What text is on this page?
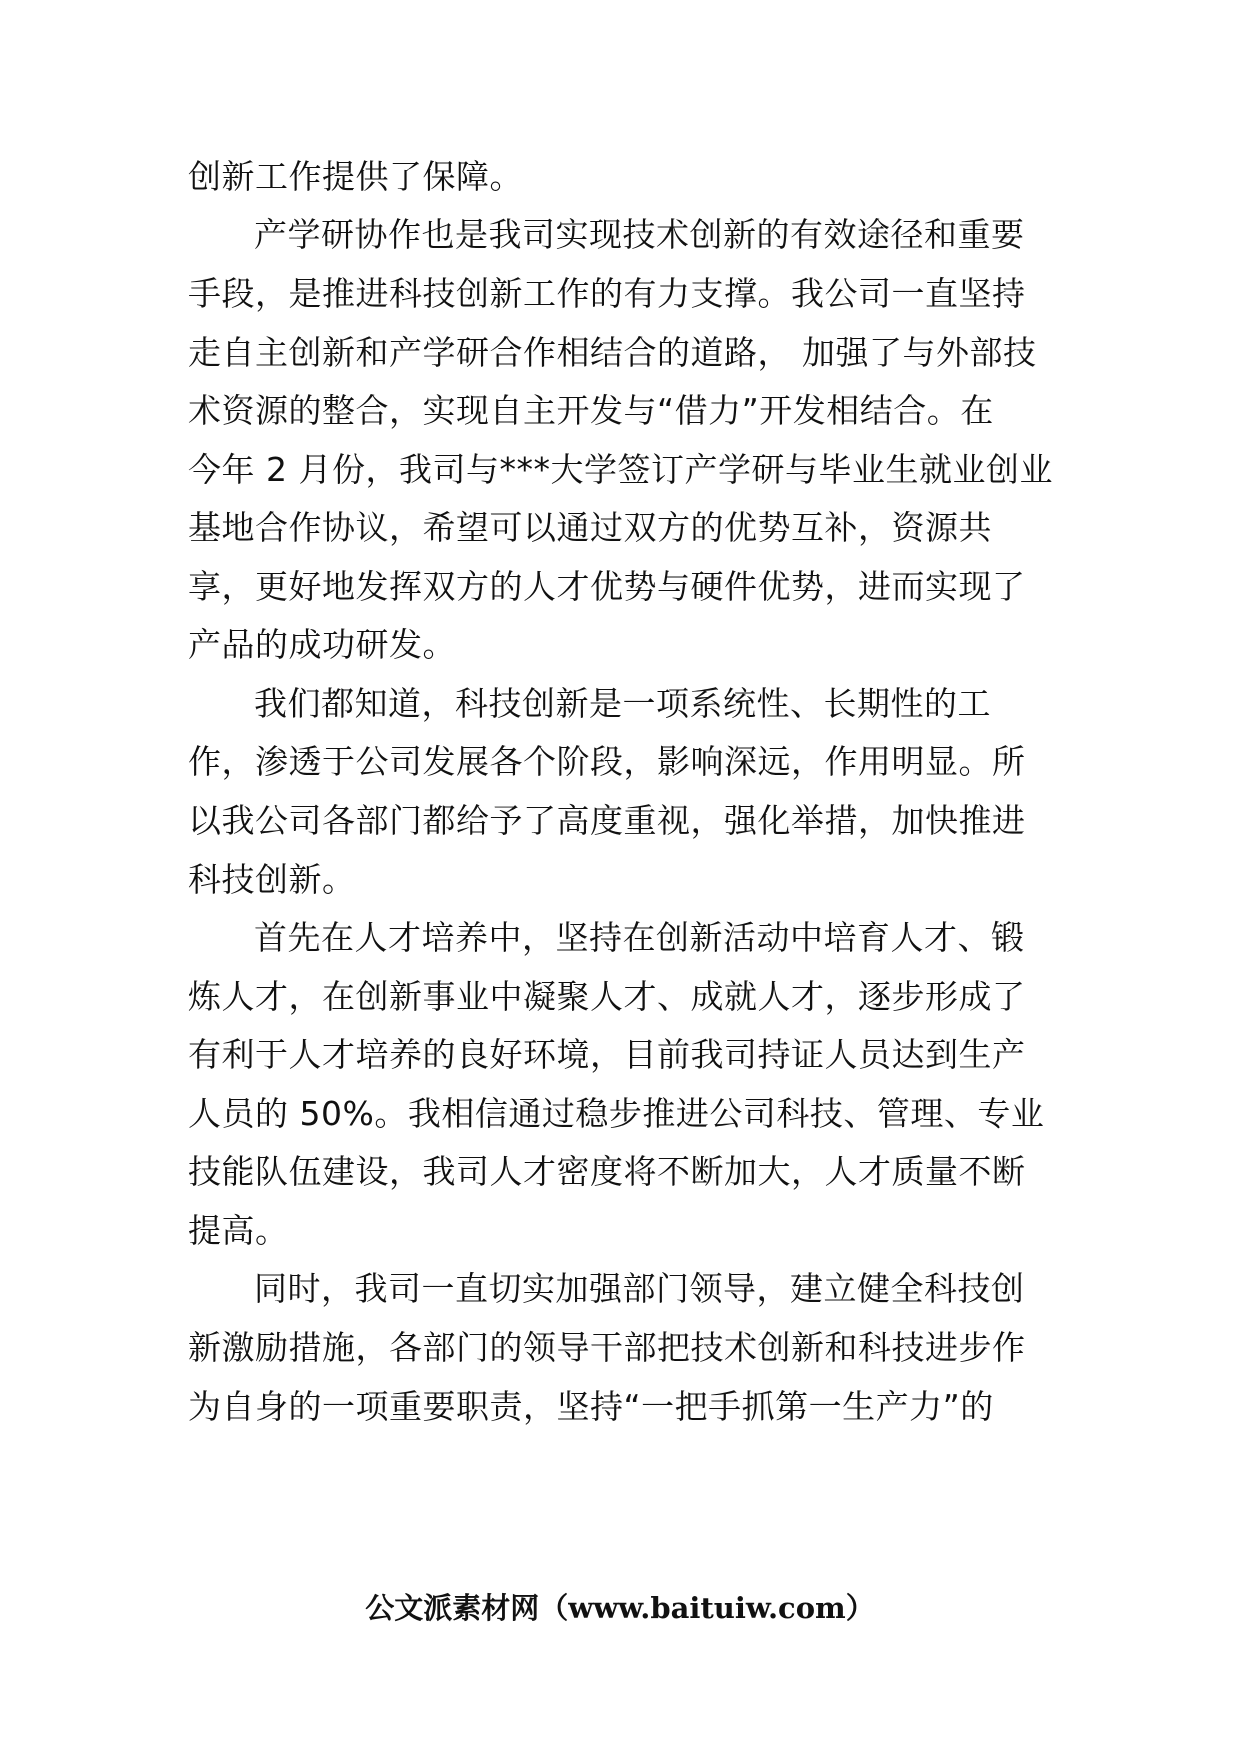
创新工作提供了保障。
产学研协作也是我司实现技术创新的有效途径和重要
手段，是推进科技创新工作的有力支撑。我公司一直坚持
走自主创新和产学研合作相结合的道路， 加强了与外部技
术资源的整合，实现自主开发与“借力”开发相结合。在
今年 2 月份，我司与***大学签订产学研与毕业生就业创业
基地合作协议，希望可以通过双方的优势互补，资源共
享，更好地发挥双方的人才优势与硬件优势，进而实现了
产品的成功研发。
我们都知道，科技创新是一项系统性、长期性的工
作，渗透于公司发展各个阶段，影响深远，作用明显。所
以我公司各部门都给予了高度重视，强化举措，加快推进
科技创新。
首先在人才培养中，坚持在创新活动中培育人才、锻
炼人才，在创新事业中凝聚人才、成就人才，逐步形成了
有利于人才培养的良好环境，目前我司持证人员达到生产
人员的 50%。我相信通过稳步推进公司科技、管理、专业
技能队伍建设，我司人才密度将不断加大，人才质量不断
提高。
同时，我司一直切实加强部门领导，建立健全科技创
新激励措施，各部门的领导干部把技术创新和科技进步作
为自身的一项重要职责，坚持“一把手抓第一生产力”的
公文派素材网（www.baituiw.com）
